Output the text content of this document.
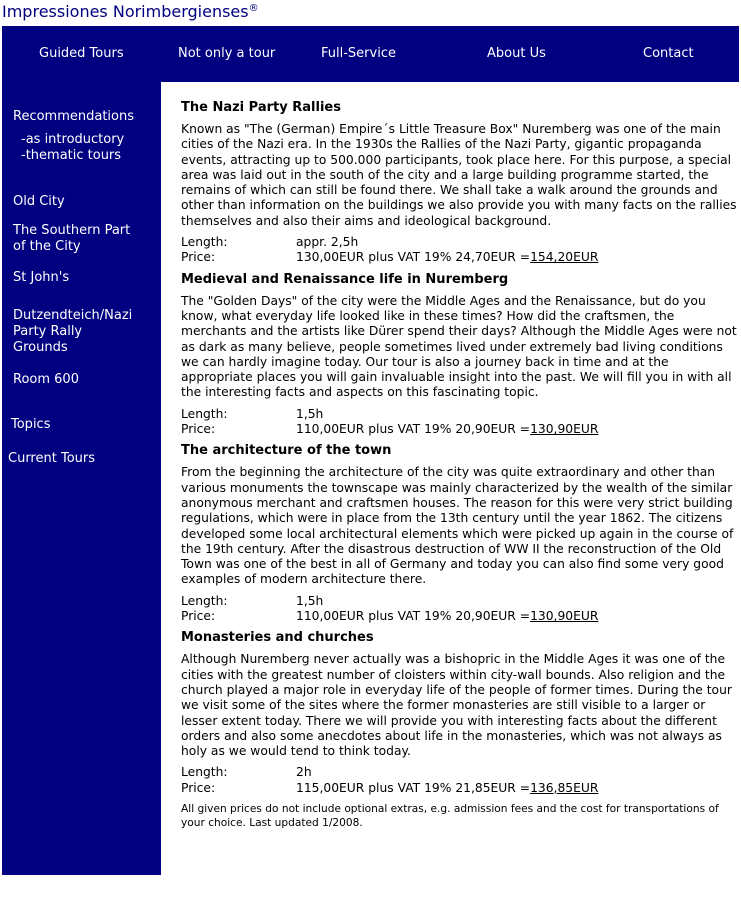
Impressiones Norimbergienses®
Guided Tours	Not only a tour	Full-Service	About Us	Contact
Recommendations
-as introductory
-thematic tours
Old City
The Southern Part
of the City
St John's
Dutzendteich/Nazi
Party Rally
Grounds
Room 600
Topics
Current Tours
The Nazi Party Rallies

Known as "The (German) Empire´s Little Treasure Box" Nuremberg was one of the main cities of the Nazi era. In the 1930s the Rallies of the Nazi Party, gigantic propaganda events, attracting up to 500.000 participants, took place here. For this purpose, a special area was laid out in the south of the city and a large building programme started, the remains of which can still be found there. We shall take a walk around the grounds and other than information on the buildings we also provide you with many facts on the rallies themselves and also their aims and ideological background.

Length:	appr. 2,5h
Price:	130,00EUR plus VAT 19% 24,70EUR = 154,20EUR
Medieval and Renaissance life in Nuremberg

The "Golden Days" of the city were the Middle Ages and the Renaissance, but do you know, what everyday life looked like in these times? How did the craftsmen, the merchants and the artists like Dürer spend their days? Although the Middle Ages were not as dark as many believe, people sometimes lived under extremely bad living conditions we can hardly imagine today. Our tour is also a journey back in time and at the appropriate places you will gain invaluable insight into the past. We will fill you in with all the interesting facts and aspects on this fascinating topic.

Length:	1,5h
Price:	110,00EUR plus VAT 19% 20,90EUR = 130,90EUR
The architecture of the town

From the beginning the architecture of the city was quite extraordinary and other than various monuments the townscape was mainly characterized by the wealth of the similar anonymous merchant and craftsmen houses. The reason for this were very strict building regulations, which were in place from the 13th century until the year 1862. The citizens developed some local architectural elements which were picked up again in the course of the 19th century. After the disastrous destruction of WW II the reconstruction of the Old Town was one of the best in all of Germany and today you can also find some very good examples of modern architecture there.

Length:	1,5h
Price:	110,00EUR plus VAT 19% 20,90EUR = 130,90EUR
Monasteries and churches

Although Nuremberg never actually was a bishopric in the Middle Ages it was one of the cities with the greatest number of cloisters within city-wall bounds. Also religion and the church played a major role in everyday life of the people of former times. During the tour we visit some of the sites where the former monasteries are still visible to a larger or lesser extent today. There we will provide you with interesting facts about the different orders and also some anecdotes about life in the monasteries, which was not always as holy as we would tend to think today.

Length:	2h
Price:	115,00EUR plus VAT 19% 21,85EUR = 136,85EUR

All given prices do not include optional extras, e.g. admission fees and the cost for transportations of your choice. Last updated 1/2008.
